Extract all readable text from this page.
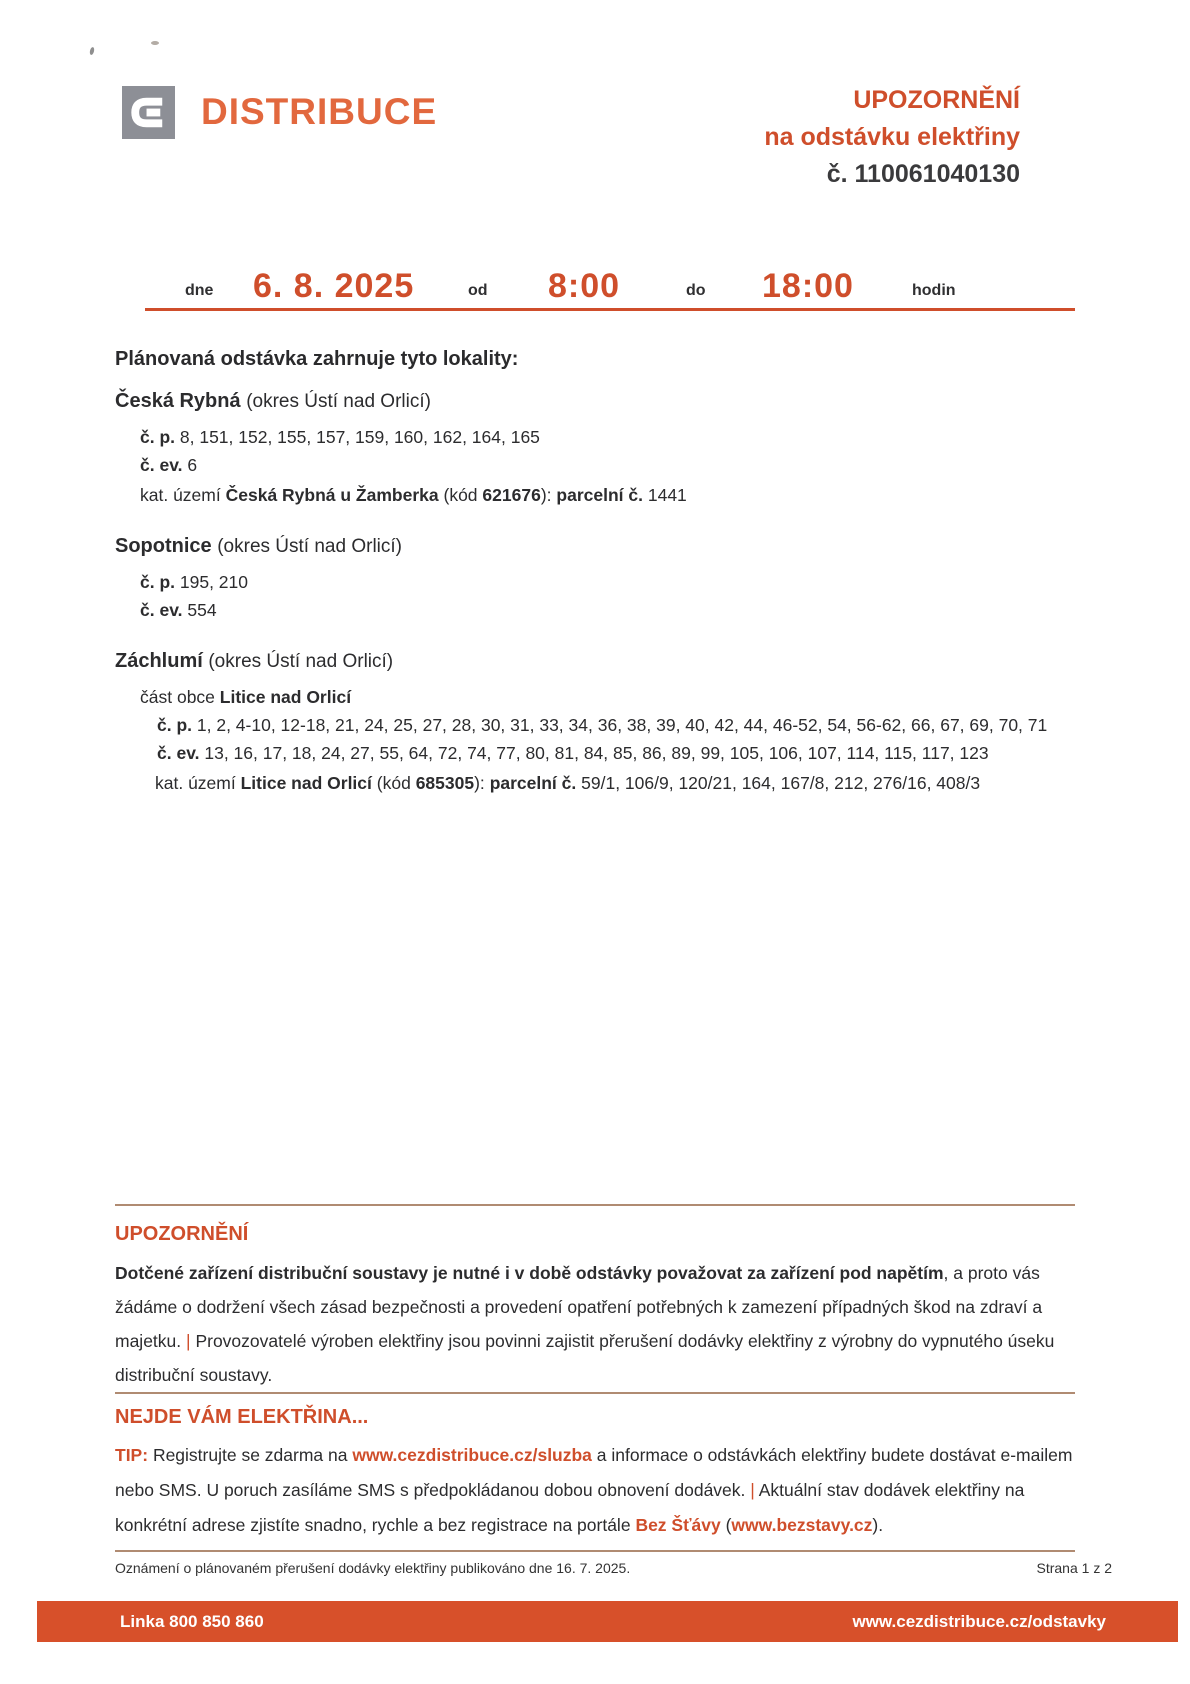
DISTRIBUCE	UPOZORNĚNÍ
na odstávku elektřiny
č. 110061040130
dne 6. 8. 2025	od 8:00	do 18:00	hodin
Plánovaná odstávka zahrnuje tyto lokality:

Česká Rybná (okres Ústí nad Orlicí)

č. p. 8, 151, 152, 155, 157, 159, 160, 162, 164, 165

č. ev. 6

kat. území Česká Rybná u Žamberka (kód 621676): parcelní č. 1441

Sopotnice (okres Ústí nad Orlicí)

č. p. 195, 210

č. ev. 554

Záchlumí (okres Ústí nad Orlicí)

část obce Litice nad Orlicí

č. p. 1, 2, 4-10, 12-18, 21, 24, 25, 27, 28, 30, 31, 33, 34, 36, 38, 39, 40, 42, 44, 46-52, 54, 56-62, 66, 67, 69, 70, 71

č. ev. 13, 16, 17, 18, 24, 27, 55, 64, 72, 74, 77, 80, 81, 84, 85, 86, 89, 99, 105, 106, 107, 114, 115, 117, 123

kat. území Litice nad Orlicí (kód 685305): parcelní č. 59/1, 106/9, 120/21, 164, 167/8, 212, 276/16, 408/3

UPOZORNĚNÍ

Dotčené zařízení distribuční soustavy je nutné i v době odstávky považovat za zařízení pod napětím, a proto vás žádáme o dodržení všech zásad bezpečnosti a provedení opatření potřebných k zamezení případných škod na zdraví a majetku. | Provozovatelé výroben elektřiny jsou povinni zajistit přerušení dodávky elektřiny z výrobny do vypnutého úseku distribuční soustavy.

NEJDE VÁM ELEKTŘINA...

TIP: Registrujte se zdarma na www.cezdistribuce.cz/sluzba a informace o odstávkách elektřiny budete dostávat e-mailem nebo SMS. U poruch zasíláme SMS s předpokládanou dobou obnovení dodávek. | Aktuální stav dodávek elektřiny na konkrétní adrese zjistíte snadno, rychle a bez registrace na portále Bez Šťávy (www.bezstavy.cz).

Oznámení o plánovaném přerušení dodávky elektřiny publikováno dne 16. 7. 2025.	Strana 1 z 2
Linka 800 850 860	www.cezdistribuce.cz/odstavky
